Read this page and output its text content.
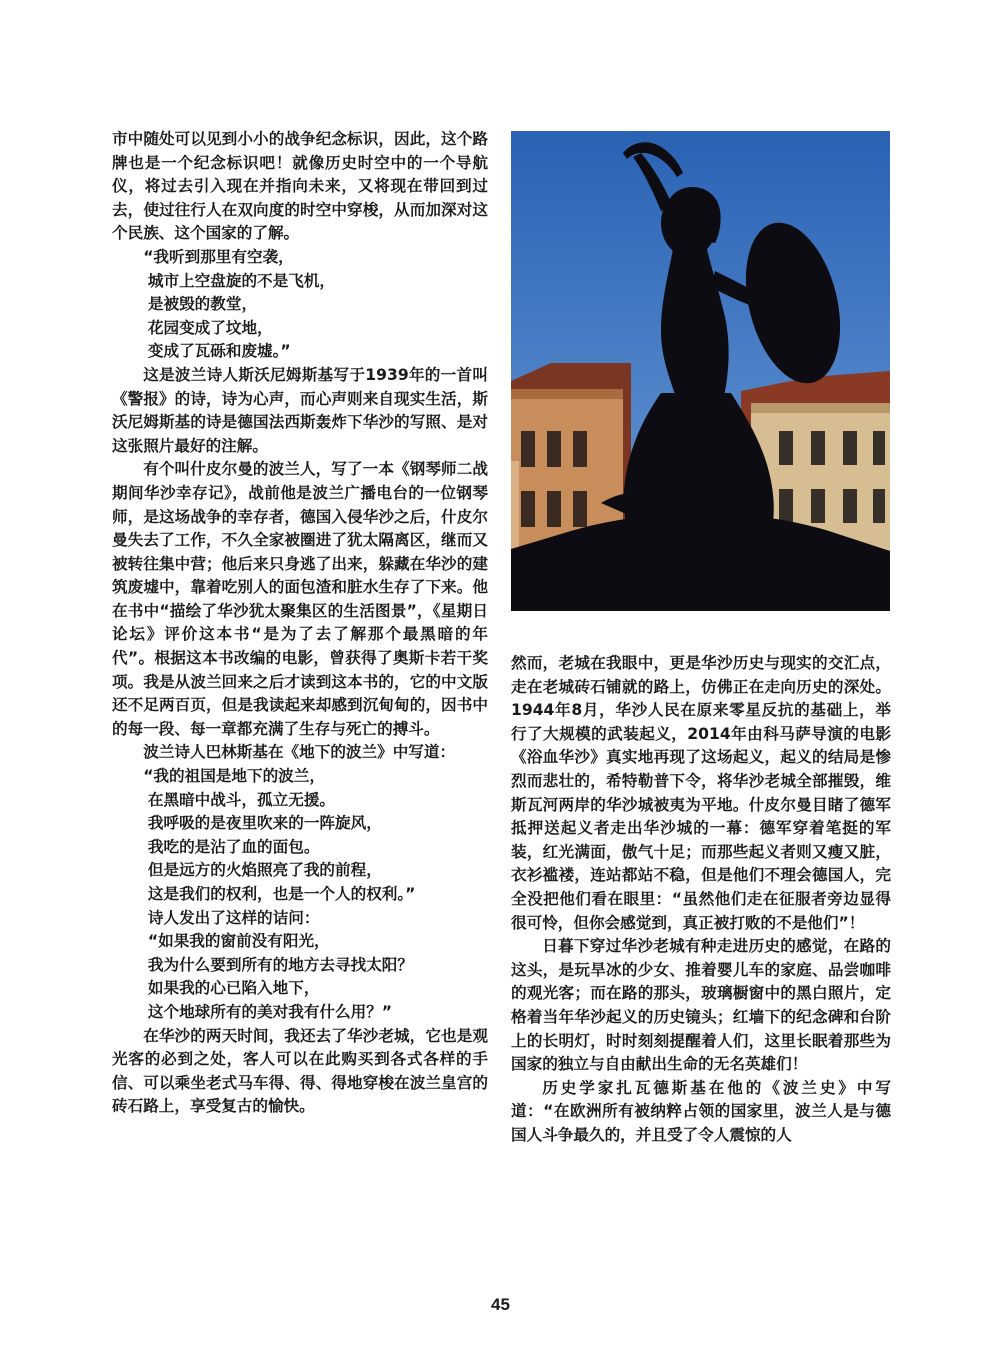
市中随处可以见到小小的战争纪念标识，因此，这个路牌也是一个纪念标识吧！就像历史时空中的一个导航仪，将过去引入现在并指向未来，又将现在带回到过去，使过往行人在双向度的时空中穿梭，从而加深对这个民族、这个国家的了解。

“我听到那里有空袭，
城市上空盘旋的不是飞机，
是被毁的教堂，
花园变成了坟地，
变成了瓦砾和废墟。”

这是波兰诗人斯沃尼姆斯基写于1939年的一首叫《警报》的诗，诗为心声，而心声则来自现实生活，斯沃尼姆斯基的诗是德国法西斯轰炸下华沙的写照、是对这张照片最好的注解。

有个叫什皮尔曼的波兰人，写了一本《钢琴师二战期间华沙幸存记》，战前他是波兰广播电台的一位钢琴师，是这场战争的幸存者，德国入侵华沙之后，什皮尔曼失去了工作，不久全家被圈进了犹太隔离区，继而又被转往集中营；他后来只身逃了出来，躲藏在华沙的建筑废墟中，靠着吃别人的面包渣和脏水生存了下来。他在书中“描绘了华沙犹太聚集区的生活图景”，《星期日论坛》评价这本书“是为了去了解那个最黑暗的年代”。根据这本书改编的电影，曾获得了奥斯卡若干奖项。我是从波兰回来之后才读到这本书的，它的中文版还不足两百页，但是我读起来却感到沉甸甸的，因书中的每一段、每一章都充满了生存与死亡的搏斗。

波兰诗人巴林斯基在《地下的波兰》中写道：

“我的祖国是地下的波兰，
在黑暗中战斗，孤立无援。
我呼吸的是夜里吹来的一阵旋风，
我吃的是沾了血的面包。
但是远方的火焰照亮了我的前程，
这是我们的权利，也是一个人的权利。”
诗人发出了这样的诘问：
“如果我的窗前没有阳光，
我为什么要到所有的地方去寻找太阳？
如果我的心已陷入地下，
这个地球所有的美对我有什么用？”

在华沙的两天时间，我还去了华沙老城，它也是观光客的必到之处，客人可以在此购买到各式各样的手信、可以乘坐老式马车得、得、得地穿梭在波兰皇宫的砖石路上，享受复古的愉快。

然而，老城在我眼中，更是华沙历史与现实的交汇点，走在老城砖石铺就的路上，仿佛正在走向历史的深处。1944年8月，华沙人民在原来零星反抗的基础上，举行了大规模的武装起义，2014年由科马萨导演的电影《浴血华沙》真实地再现了这场起义，起义的结局是惨烈而悲壮的，希特勒普下令，将华沙老城全部摧毁，维斯瓦河两岸的华沙城被夷为平地。什皮尔曼目睹了德军抵押送起义者走出华沙城的一幕：德军穿着笔挺的军装，红光满面，傲气十足；而那些起义者则又瘦又脏，衣衫褴褛，连站都站不稳，但是他们不理会德国人，完全没把他们看在眼里：“虽然他们走在征服者旁边显得很可怜，但你会感觉到，真正被打败的不是他们”！

日暮下穿过华沙老城有种走进历史的感觉，在路的这头，是玩旱冰的少女、推着婴儿车的家庭、品尝咖啡的观光客；而在路的那头，玻璃橱窗中的黑白照片，定格着当年华沙起义的历史镜头；红墙下的纪念碑和台阶上的长明灯，时时刻刻提醒着人们，这里长眠着那些为国家的独立与自由献出生命的无名英雄们！

历史学家扎瓦德斯基在他的《波兰史》中写道：“在欧洲所有被纳粹占领的国家里，波兰人是与德国人斗争最久的，并且受了令人震惊的人

45
